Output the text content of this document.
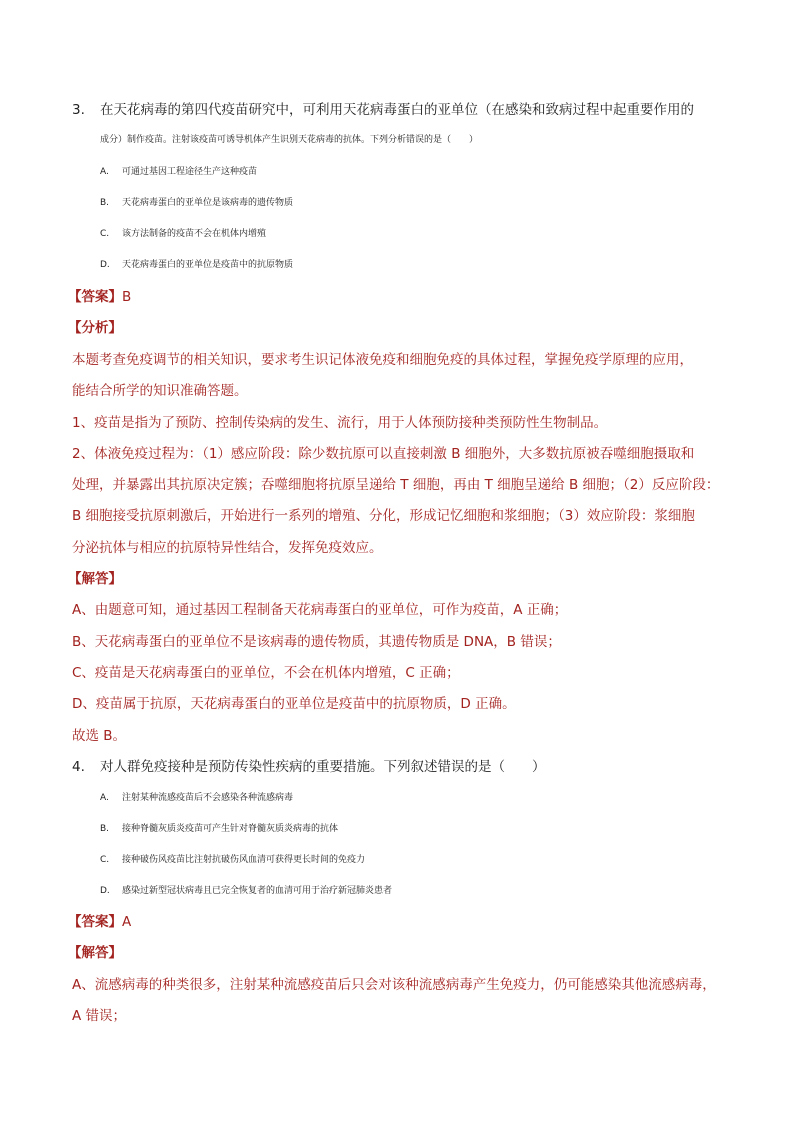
3. 在天花病毒的第四代疫苗研究中，可利用天花病毒蛋白的亚单位（在感染和致病过程中起重要作用的
成分）制作疫苗。注射该疫苗可诱导机体产生识别天花病毒的抗体。下列分析错误的是（　　）
A. 可通过基因工程途径生产这种疫苗
B. 天花病毒蛋白的亚单位是该病毒的遗传物质
C. 该方法制备的疫苗不会在机体内增殖
D. 天花病毒蛋白的亚单位是疫苗中的抗原物质
【答案】B
【分析】
本题考查免疫调节的相关知识，要求考生识记体液免疫和细胞免疫的具体过程，掌握免疫学原理的应用，
能结合所学的知识准确答题。
1、疫苗是指为了预防、控制传染病的发生、流行，用于人体预防接种类预防性生物制品。
2、体液免疫过程为：（1）感应阶段：除少数抗原可以直接刺激 B 细胞外，大多数抗原被吞噬细胞摄取和
处理，并暴露出其抗原决定簇；吞噬细胞将抗原呈递给 T 细胞，再由 T 细胞呈递给 B 细胞；（2）反应阶段：
B 细胞接受抗原刺激后，开始进行一系列的增殖、分化，形成记忆细胞和浆细胞；（3）效应阶段：浆细胞
分泌抗体与相应的抗原特异性结合，发挥免疫效应。
【解答】
A、由题意可知，通过基因工程制备天花病毒蛋白的亚单位，可作为疫苗，A 正确；
B、天花病毒蛋白的亚单位不是该病毒的遗传物质，其遗传物质是 DNA，B 错误；
C、疫苗是天花病毒蛋白的亚单位，不会在机体内增殖，C 正确；
D、疫苗属于抗原，天花病毒蛋白的亚单位是疫苗中的抗原物质，D 正确。
故选 B。
4. 对人群免疫接种是预防传染性疾病的重要措施。下列叙述错误的是（　　）
A. 注射某种流感疫苗后不会感染各种流感病毒
B. 接种脊髓灰质炎疫苗可产生针对脊髓灰质炎病毒的抗体
C. 接种破伤风疫苗比注射抗破伤风血清可获得更长时间的免疫力
D. 感染过新型冠状病毒且已完全恢复者的血清可用于治疗新冠肺炎患者
【答案】A
【解答】
A、流感病毒的种类很多，注射某种流感疫苗后只会对该种流感病毒产生免疫力，仍可能感染其他流感病毒，
A 错误；
